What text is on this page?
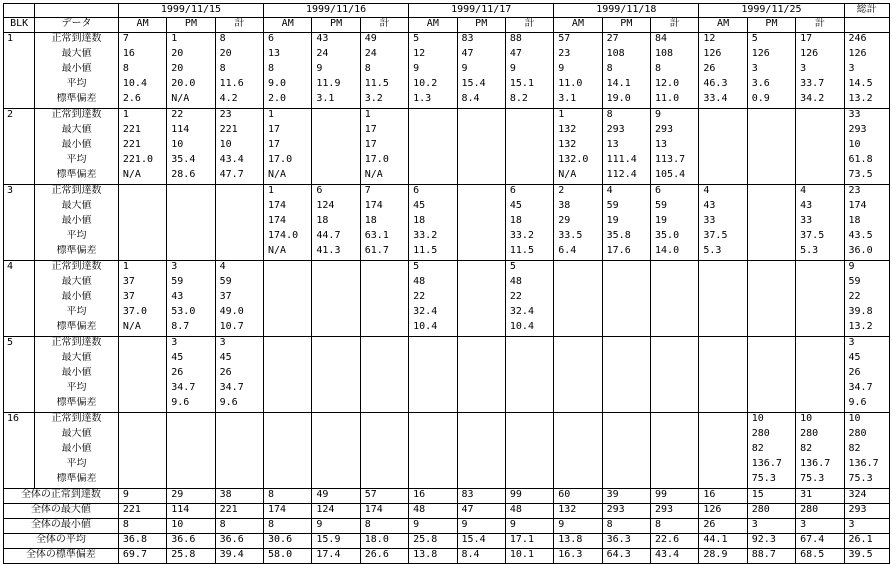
		1999/11/15			1999/11/16			1999/11/17			1999/11/18			1999/11/25			総計
BLK	データ	AM	PM	計	AM	PM	計	AM	PM	計	AM	PM	計	AM	PM	計	
1	正常到達数	7	1	8	6	43	49	5	83	88	57	27	84	12	5	17	246
	最大値	16	20	20	13	24	24	12	47	47	23	108	108	126	126	126	126
	最小値	8	20	8	8	9	8	9	9	9	9	8	8	26	3	3	3
	平均	10.4	20.0	11.6	9.0	11.9	11.5	10.2	15.4	15.1	11.0	14.1	12.0	46.3	3.6	33.7	14.5
	標準偏差	2.6	N/A	4.2	2.0	3.1	3.2	1.3	8.4	8.2	3.1	19.0	11.0	33.4	0.9	34.2	13.2
2	正常到達数	1	22	23	1		1				1	8	9				33
	最大値	221	114	221	17		17				132	293	293				293
	最小値	221	10	10	17		17				132	13	13				10
	平均	221.0	35.4	43.4	17.0		17.0				132.0	111.4	113.7				61.8
	標準偏差	N/A	28.6	47.7	N/A		N/A				N/A	112.4	105.4				73.5
3	正常到達数				1	6	7	6		6	2	4	6	4		4	23
	最大値				174	124	174	45		45	38	59	59	43		43	174
	最小値				174	18	18	18		18	29	19	19	33		33	18
	平均				174.0	44.7	63.1	33.2		33.2	33.5	35.8	35.0	37.5		37.5	43.5
	標準偏差				N/A	41.3	61.7	11.5		11.5	6.4	17.6	14.0	5.3		5.3	36.0
4	正常到達数	1	3	4				5		5							9
	最大値	37	59	59				48		48							59
	最小値	37	43	37				22		22							22
	平均	37.0	53.0	49.0				32.4		32.4							39.8
	標準偏差	N/A	8.7	10.7				10.4		10.4							13.2
5	正常到達数		3	3													3
	最大値		45	45													45
	最小値		26	26													26
	平均		34.7	34.7													34.7
	標準偏差		9.6	9.6													9.6
16	正常到達数														10	10	10
	最大値														280	280	280
	最小値														82	82	82
	平均														136.7	136.7	136.7
	標準偏差														75.3	75.3	75.3
全体の正常到達数		9	29	38	8	49	57	16	83	99	60	39	99	16	15	31	324
全体の最大値		221	114	221	174	124	174	48	47	48	132	293	293	126	280	280	293
全体の最小値		8	10	8	8	9	8	9	9	9	9	8	8	26	3	3	3
全体の平均		36.8	36.6	36.6	30.6	15.9	18.0	25.8	15.4	17.1	13.8	36.3	22.6	44.1	92.3	67.4	26.1
全体の標準偏差		69.7	25.8	39.4	58.0	17.4	26.6	13.8	8.4	10.1	16.3	64.3	43.4	28.9	88.7	68.5	39.5
